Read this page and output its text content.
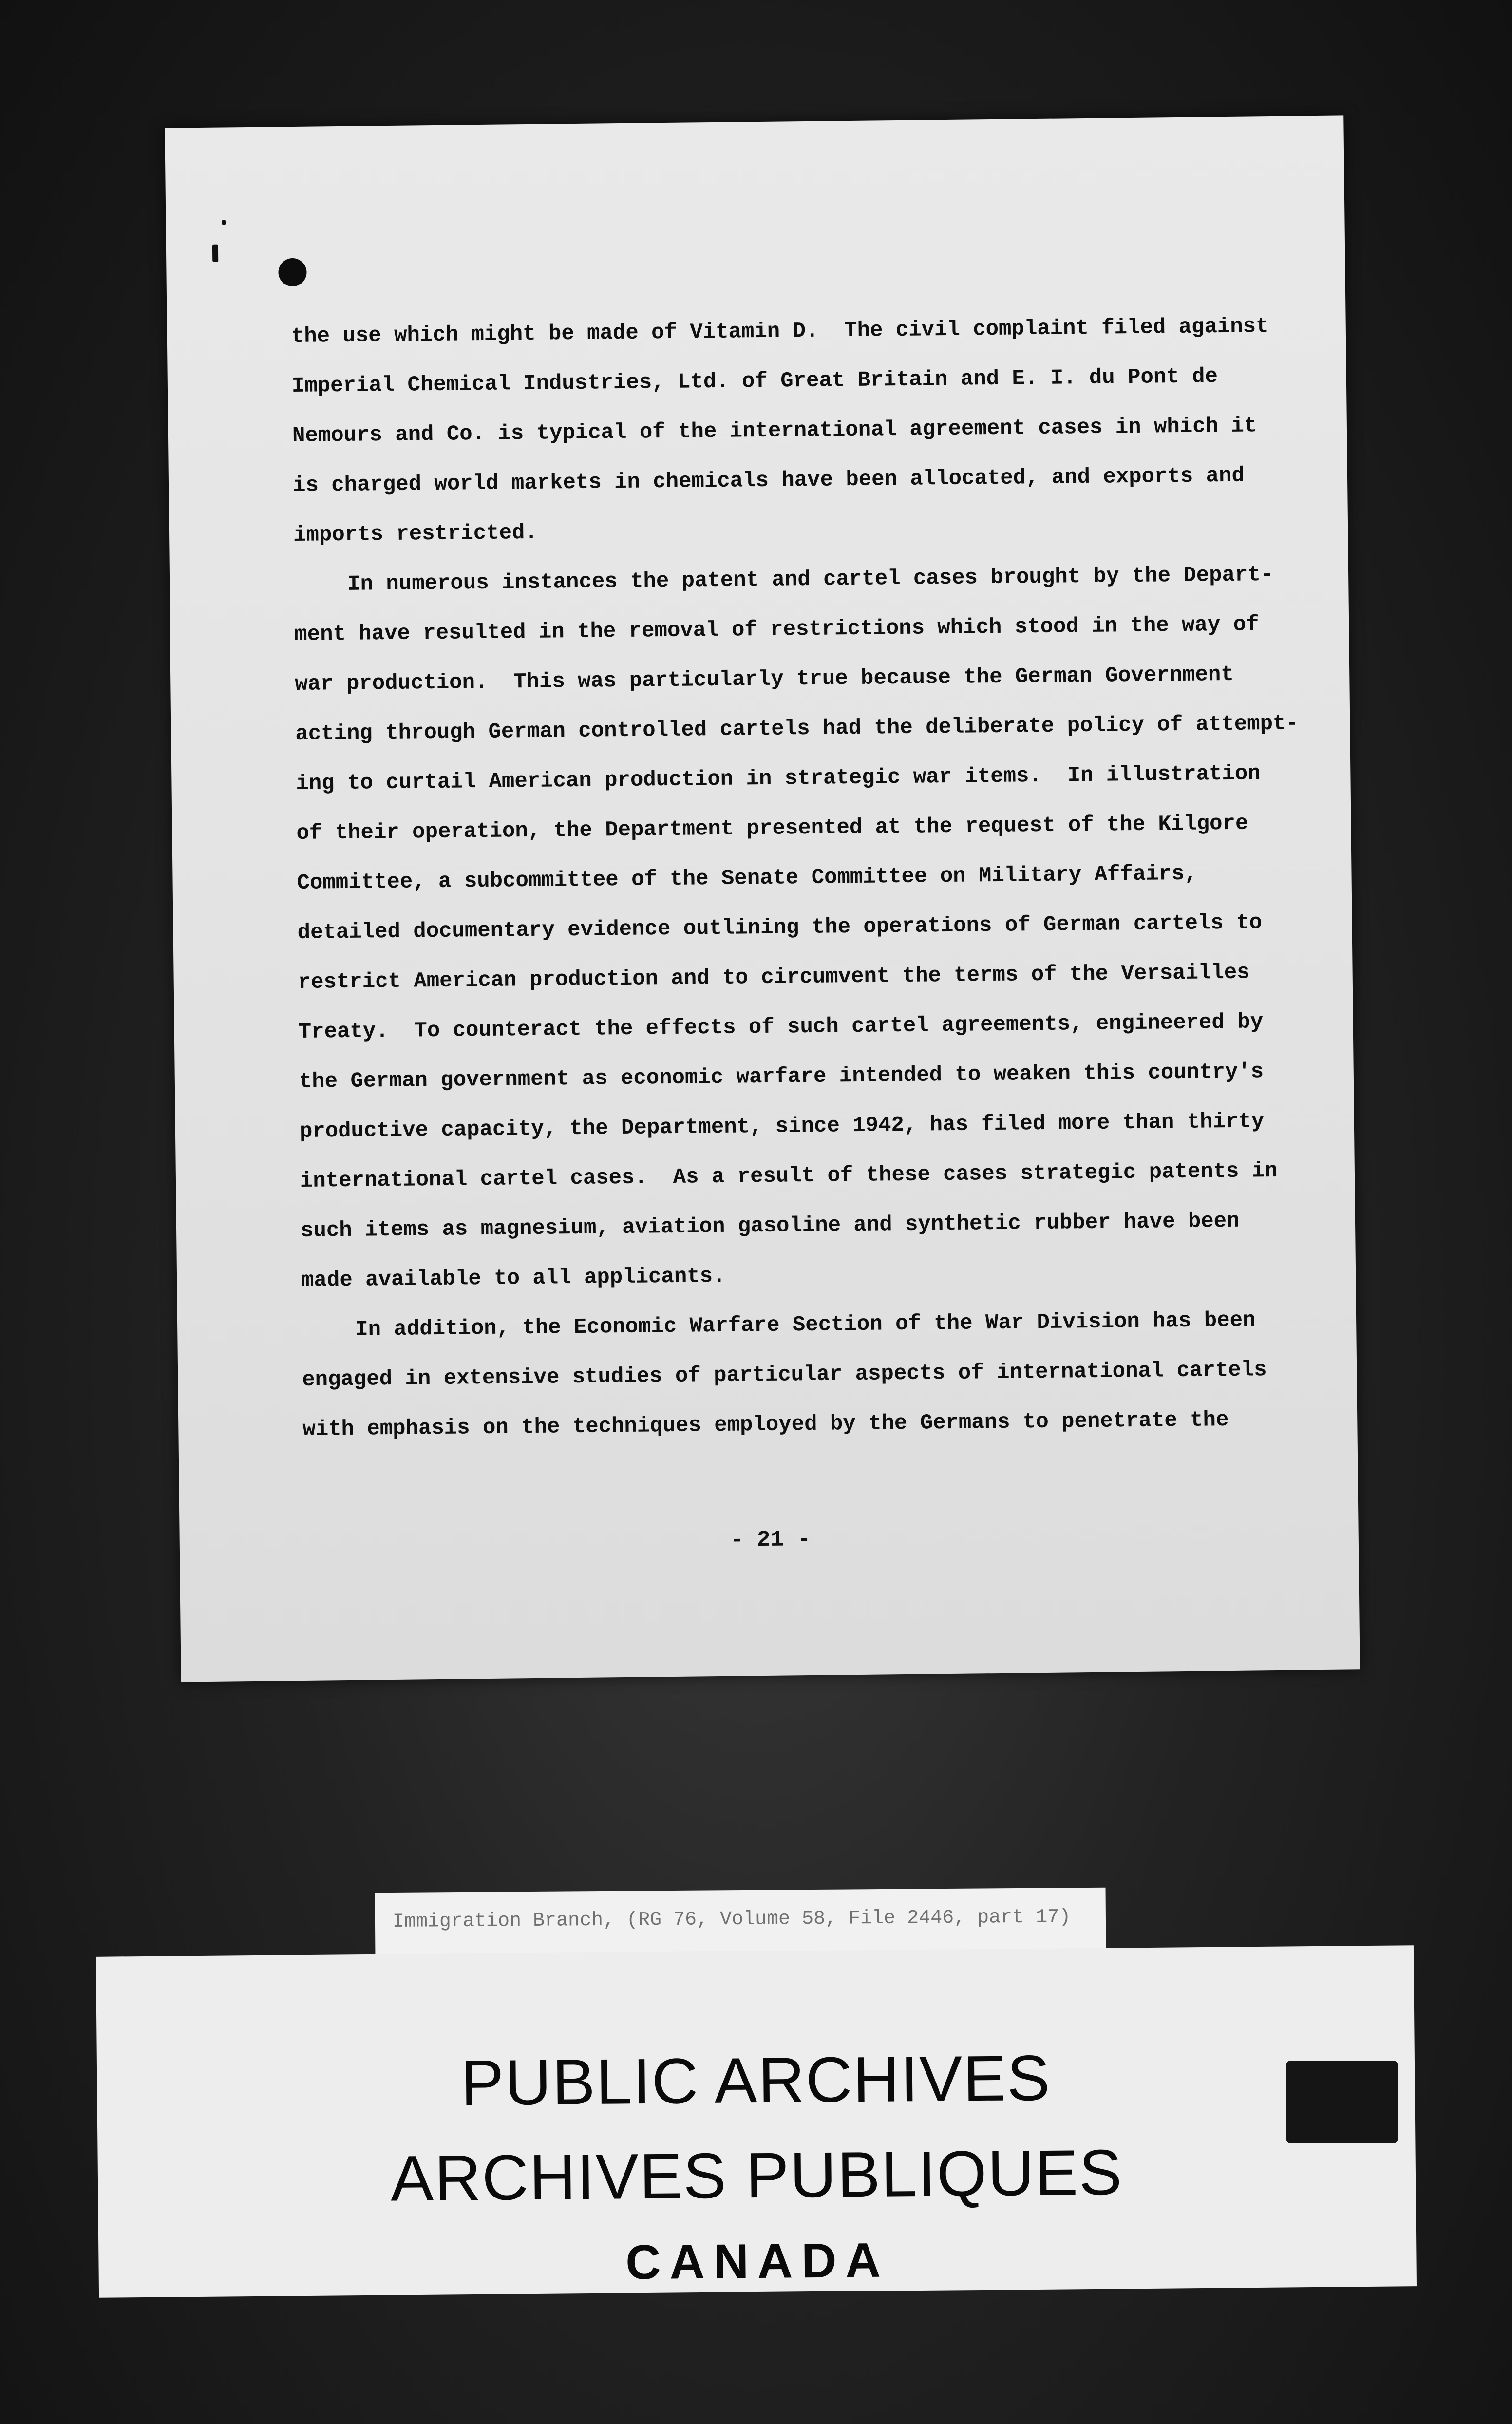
the use which might be made of Vitamin D.  The civil complaint filed against
Imperial Chemical Industries, Ltd. of Great Britain and E. I. du Pont de
Nemours and Co. is typical of the international agreement cases in which it
is charged world markets in chemicals have been allocated, and exports and
imports restricted.
In numerous instances the patent and cartel cases brought by the Depart-
ment have resulted in the removal of restrictions which stood in the way of
war production.  This was particularly true because the German Government
acting through German controlled cartels had the deliberate policy of attempt-
ing to curtail American production in strategic war items.  In illustration
of their operation, the Department presented at the request of the Kilgore
Committee, a subcommittee of the Senate Committee on Military Affairs,
detailed documentary evidence outlining the operations of German cartels to
restrict American production and to circumvent the terms of the Versailles
Treaty.  To counteract the effects of such cartel agreements, engineered by
the German government as economic warfare intended to weaken this country's
productive capacity, the Department, since 1942, has filed more than thirty
international cartel cases.  As a result of these cases strategic patents in
such items as magnesium, aviation gasoline and synthetic rubber have been
made available to all applicants.
In addition, the Economic Warfare Section of the War Division has been
engaged in extensive studies of particular aspects of international cartels
with emphasis on the techniques employed by the Germans to penetrate the
- 21 -
Immigration Branch, (RG 76, Volume 58, File 2446, part 17)
PUBLIC ARCHIVES
ARCHIVES PUBLIQUES
CANADA
